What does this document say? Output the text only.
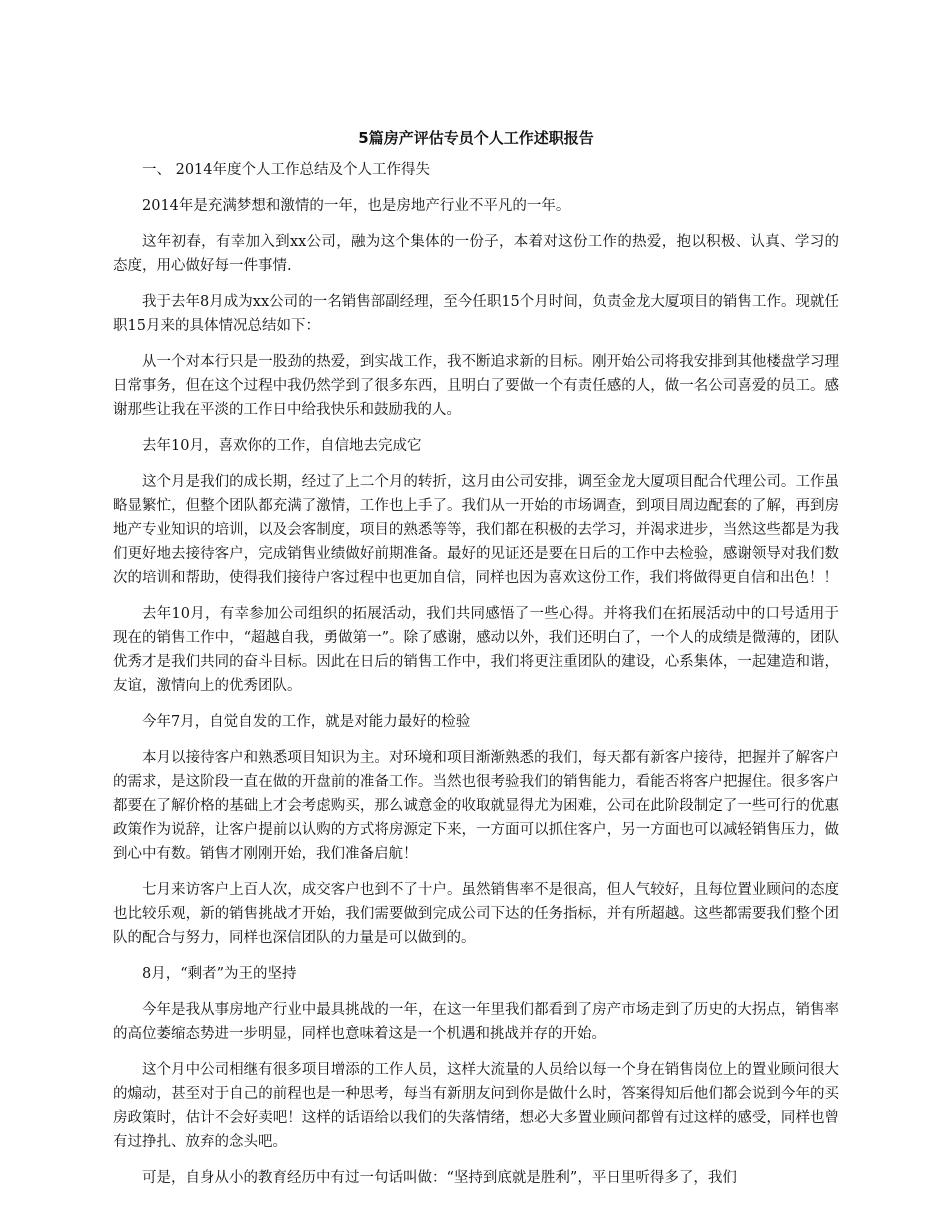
5篇房产评估专员个人工作述职报告

一、 2014年度个人工作总结及个人工作得失

2014年是充满梦想和激情的一年，也是房地产行业不平凡的一年。

这年初春，有幸加入到xx公司，融为这个集体的一份子，本着对这份工作的热爱，抱以积极、认真、学习的态度，用心做好每一件事情.

我于去年8月成为xx公司的一名销售部副经理，至今任职15个月时间，负责金龙大厦项目的销售工作。现就任职15月来的具体情况总结如下：

从一个对本行只是一股劲的热爱，到实战工作，我不断追求新的目标。刚开始公司将我安排到其他楼盘学习理日常事务，但在这个过程中我仍然学到了很多东西，且明白了要做一个有责任感的人，做一名公司喜爱的员工。感谢那些让我在平淡的工作日中给我快乐和鼓励我的人。

去年10月，喜欢你的工作，自信地去完成它

这个月是我们的成长期，经过了上二个月的转折，这月由公司安排，调至金龙大厦项目配合代理公司。工作虽略显繁忙，但整个团队都充满了激情，工作也上手了。我们从一开始的市场调查，到项目周边配套的了解，再到房地产专业知识的培训，以及会客制度，项目的熟悉等等，我们都在积极的去学习，并渴求进步，当然这些都是为我们更好地去接待客户，完成销售业绩做好前期准备。最好的见证还是要在日后的工作中去检验，感谢领导对我们数次的培训和帮助，使得我们接待户客过程中也更加自信，同样也因为喜欢这份工作，我们将做得更自信和出色！！

去年10月，有幸参加公司组织的拓展活动，我们共同感悟了一些心得。并将我们在拓展活动中的口号适用于现在的销售工作中，“超越自我，勇做第一”。除了感谢，感动以外，我们还明白了，一个人的成绩是微薄的，团队优秀才是我们共同的奋斗目标。因此在日后的销售工作中，我们将更注重团队的建设，心系集体，一起建造和谐，友谊，激情向上的优秀团队。

今年7月，自觉自发的工作，就是对能力最好的检验

本月以接待客户和熟悉项目知识为主。对环境和项目渐渐熟悉的我们，每天都有新客户接待，把握并了解客户的需求，是这阶段一直在做的开盘前的准备工作。当然也很考验我们的销售能力，看能否将客户把握住。很多客户都要在了解价格的基础上才会考虑购买，那么诚意金的收取就显得尤为困难，公司在此阶段制定了一些可行的优惠政策作为说辞，让客户提前以认购的方式将房源定下来，一方面可以抓住客户，另一方面也可以减轻销售压力，做到心中有数。销售才刚刚开始，我们准备启航！

七月来访客户上百人次，成交客户也到不了十户。虽然销售率不是很高，但人气较好，且每位置业顾问的态度也比较乐观，新的销售挑战才开始，我们需要做到完成公司下达的任务指标，并有所超越。这些都需要我们整个团队的配合与努力，同样也深信团队的力量是可以做到的。

8月，“剩者”为王的坚持

今年是我从事房地产行业中最具挑战的一年，在这一年里我们都看到了房产市场走到了历史的大拐点，销售率的高位萎缩态势进一步明显，同样也意味着这是一个机遇和挑战并存的开始。

这个月中公司相继有很多项目增添的工作人员，这样大流量的人员给以每一个身在销售岗位上的置业顾问很大的煽动，甚至对于自己的前程也是一种思考，每当有新朋友问到你是做什么时，答案得知后他们都会说到今年的买房政策时，估计不会好卖吧！这样的话语给以我们的失落情绪，想必大多置业顾问都曾有过这样的感受，同样也曾有过挣扎、放弃的念头吧。

可是，自身从小的教育经历中有过一句话叫做：“坚持到底就是胜利”，平日里听得多了，我们
